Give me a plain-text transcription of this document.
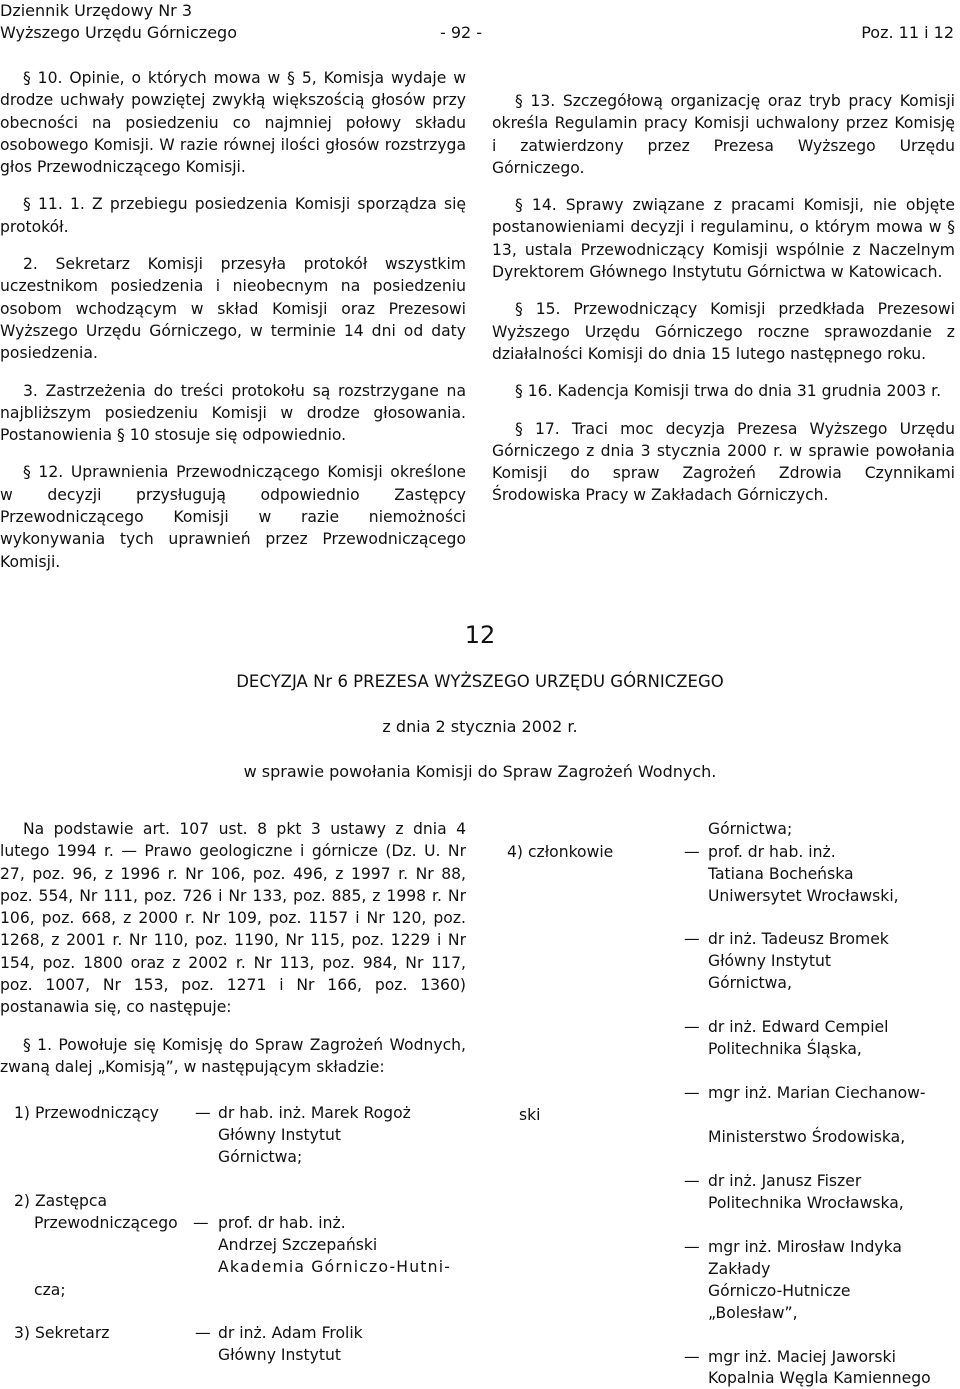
Dziennik Urzędowy Nr 3
Wyższego Urzędu Górniczego	- 92 -	Poz. 11 i 12

§ 10. Opinie, o których mowa w § 5, Komisja wydaje w drodze uchwały powziętej zwykłą większością głosów przy obecności na posiedzeniu co najmniej połowy składu osobowego Komisji. W razie równej ilości głosów rozstrzyga głos Przewodniczącego Komisji.

§ 11. 1. Z przebiegu posiedzenia Komisji sporządza się protokół.

2. Sekretarz Komisji przesyła protokół wszystkim uczestnikom posiedzenia i nieobecnym na posiedzeniu osobom wchodzącym w skład Komisji oraz Prezesowi Wyższego Urzędu Górniczego, w terminie 14 dni od daty posiedzenia.

3. Zastrzeżenia do treści protokołu są rozstrzygane na najbliższym posiedzeniu Komisji w drodze głosowania. Postanowienia § 10 stosuje się odpowiednio.

§ 12. Uprawnienia Przewodniczącego Komisji określone w decyzji przysługują odpowiednio Zastępcy Przewodniczącego Komisji w razie niemożności wykonywania tych uprawnień przez Przewodniczącego Komisji.

§ 13. Szczegółową organizację oraz tryb pracy Komisji określa Regulamin pracy Komisji uchwalony przez Komisję i zatwierdzony przez Prezesa Wyższego Urzędu Górniczego.

§ 14. Sprawy związane z pracami Komisji, nie objęte postanowieniami decyzji i regulaminu, o którym mowa w § 13, ustala Przewodniczący Komisji wspólnie z Naczelnym Dyrektorem Głównego Instytutu Górnictwa w Katowicach.

§ 15. Przewodniczący Komisji przedkłada Prezesowi Wyższego Urzędu Górniczego roczne sprawozdanie z działalności Komisji do dnia 15 lutego następnego roku.

§ 16. Kadencja Komisji trwa do dnia 31 grudnia 2003 r.

§ 17. Traci moc decyzja Prezesa Wyższego Urzędu Górniczego z dnia 3 stycznia 2000 r. w sprawie powołania Komisji do spraw Zagrożeń Zdrowia Czynnikami Środowiska Pracy w Zakładach Górniczych.

12
DECYZJA Nr 6 PREZESA WYŻSZEGO URZĘDU GÓRNICZEGO
z dnia 2 stycznia 2002 r.
w sprawie powołania Komisji do Spraw Zagrożeń Wodnych.

Na podstawie art. 107 ust. 8 pkt 3 ustawy z dnia 4 lutego 1994 r. — Prawo geologiczne i górnicze (Dz. U. Nr 27, poz. 96, z 1996 r. Nr 106, poz. 496, z 1997 r. Nr 88, poz. 554, Nr 111, poz. 726 i Nr 133, poz. 885, z 1998 r. Nr 106, poz. 668, z 2000 r. Nr 109, poz. 1157 i Nr 120, poz. 1268, z 2001 r. Nr 110, poz. 1190, Nr 115, poz. 1229 i Nr 154, poz. 1800 oraz z 2002 r. Nr 113, poz. 984, Nr 117, poz. 1007, Nr 153, poz. 1271 i Nr 166, poz. 1360) postanawia się, co następuje:

§ 1. Powołuje się Komisję do Spraw Zagrożeń Wodnych, zwaną dalej „Komisją”, w następującym składzie:

1) Przewodniczący — dr hab. inż. Marek Rogoż
Główny Instytut
Górnictwa;
2) Zastępca
Przewodniczącego — prof. dr hab. inż.
Andrzej Szczepański
Akademia Górniczo-Hutni-
cza;
3) Sekretarz	— dr inż. Adam Frolik
Główny Instytut
Górnictwa;
4) członkowie	— prof. dr hab. inż.
Tatiana Bocheńska
Uniwersytet Wrocławski,
— dr inż. Tadeusz Bromek
Główny Instytut
Górnictwa,
— dr inż. Edward Cempiel
Politechnika Śląska,
— mgr inż. Marian Ciechanow-
ski
Ministerstwo Środowiska,
— dr inż. Janusz Fiszer
Politechnika Wrocławska,
— mgr inż. Mirosław Indyka
Zakłady
Górniczo-Hutnicze
„Bolesław”,
— mgr inż. Maciej Jaworski
Kopalnia Węgla Kamiennego
